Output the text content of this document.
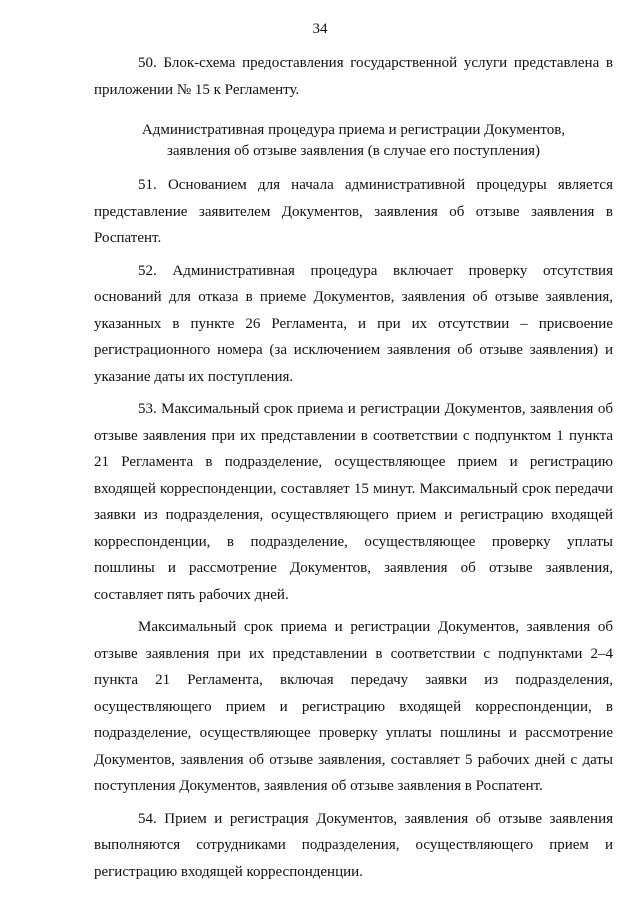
34

50. Блок-схема предоставления государственной услуги представлена в приложении № 15 к Регламенту.

Административная процедура приема и регистрации Документов,
заявления об отзыве заявления (в случае его поступления)

51. Основанием для начала административной процедуры является представление заявителем Документов, заявления об отзыве заявления в Роспатент.

52. Административная процедура включает проверку отсутствия оснований для отказа в приеме Документов, заявления об отзыве заявления, указанных в пункте 26 Регламента, и при их отсутствии – присвоение регистрационного номера (за исключением заявления об отзыве заявления) и указание даты их поступления.

53. Максимальный срок приема и регистрации Документов, заявления об отзыве заявления при их представлении в соответствии с подпунктом 1 пункта 21 Регламента в подразделение, осуществляющее прием и регистрацию входящей корреспонденции, составляет 15 минут. Максимальный срок передачи заявки из подразделения, осуществляющего прием и регистрацию входящей корреспонденции, в подразделение, осуществляющее проверку уплаты пошлины и рассмотрение Документов, заявления об отзыве заявления, составляет пять рабочих дней.

Максимальный срок приема и регистрации Документов, заявления об отзыве заявления при их представлении в соответствии с подпунктами 2–4 пункта 21 Регламента, включая передачу заявки из подразделения, осуществляющего прием и регистрацию входящей корреспонденции, в подразделение, осуществляющее проверку уплаты пошлины и рассмотрение Документов, заявления об отзыве заявления, составляет 5 рабочих дней с даты поступления Документов, заявления об отзыве заявления в Роспатент.

54. Прием и регистрация Документов, заявления об отзыве заявления выполняются сотрудниками подразделения, осуществляющего прием и регистрацию входящей корреспонденции.
